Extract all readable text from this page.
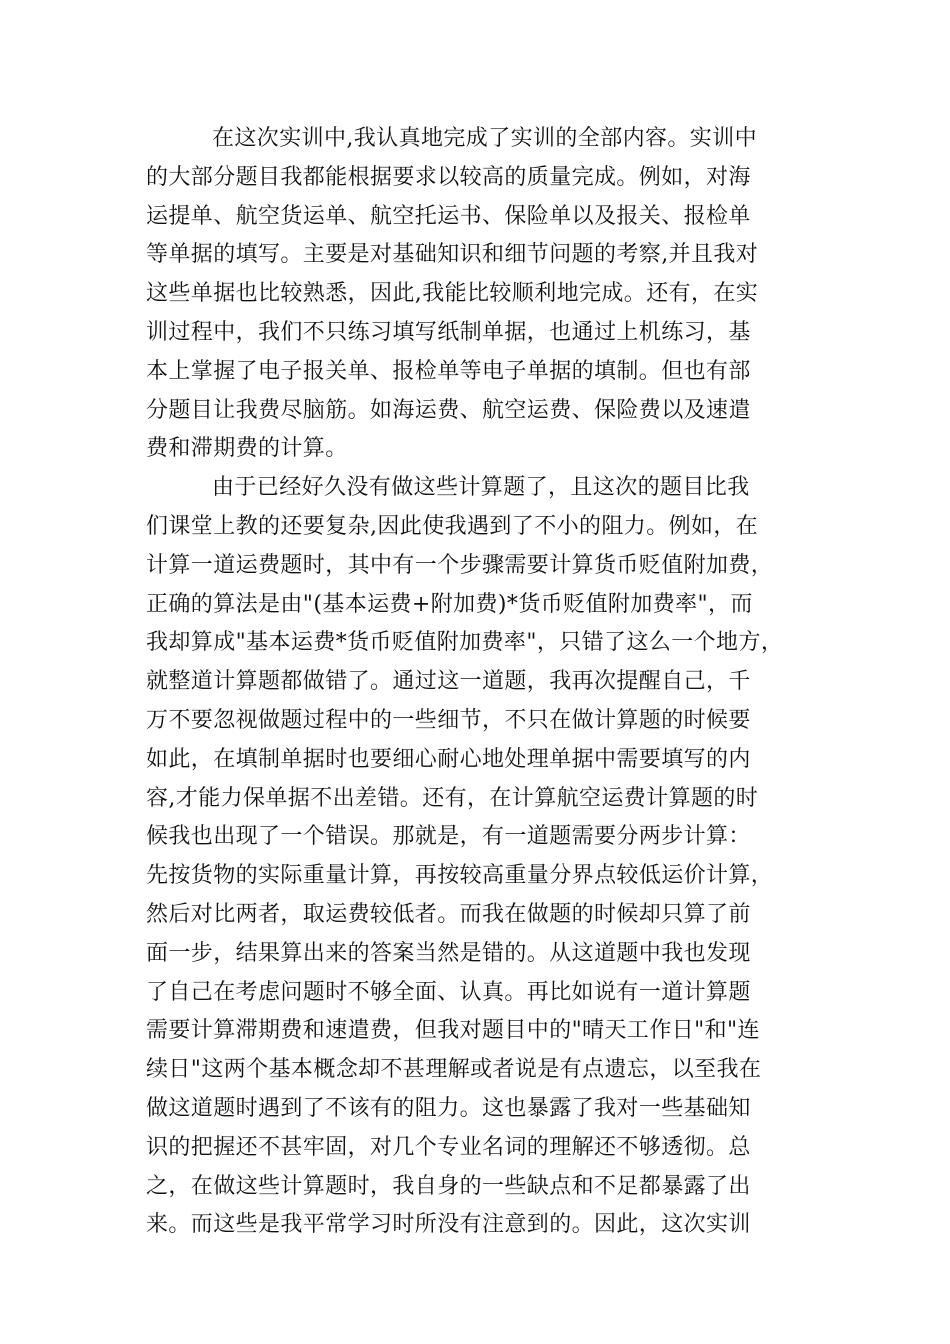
在这次实训中,我认真地完成了实训的全部内容。实训中
的大部分题目我都能根据要求以较高的质量完成。例如，对海
运提单、航空货运单、航空托运书、保险单以及报关、报检单
等单据的填写。主要是对基础知识和细节问题的考察,并且我对
这些单据也比较熟悉，因此,我能比较顺利地完成。还有，在实
训过程中，我们不只练习填写纸制单据，也通过上机练习，基
本上掌握了电子报关单、报检单等电子单据的填制。但也有部
分题目让我费尽脑筋。如海运费、航空运费、保险费以及速遣
费和滞期费的计算。
由于已经好久没有做这些计算题了，且这次的题目比我
们课堂上教的还要复杂,因此使我遇到了不小的阻力。例如，在
计算一道运费题时，其中有一个步骤需要计算货币贬值附加费，
正确的算法是由"(基本运费+附加费)*货币贬值附加费率"，而
我却算成"基本运费*货币贬值附加费率"，只错了这么一个地方，
就整道计算题都做错了。通过这一道题，我再次提醒自己，千
万不要忽视做题过程中的一些细节，不只在做计算题的时候要
如此，在填制单据时也要细心耐心地处理单据中需要填写的内
容,才能力保单据不出差错。还有，在计算航空运费计算题的时
候我也出现了一个错误。那就是，有一道题需要分两步计算：
先按货物的实际重量计算，再按较高重量分界点较低运价计算，
然后对比两者，取运费较低者。而我在做题的时候却只算了前
面一步，结果算出来的答案当然是错的。从这道题中我也发现
了自己在考虑问题时不够全面、认真。再比如说有一道计算题
需要计算滞期费和速遣费，但我对题目中的"晴天工作日"和"连
续日"这两个基本概念却不甚理解或者说是有点遗忘，以至我在
做这道题时遇到了不该有的阻力。这也暴露了我对一些基础知
识的把握还不甚牢固，对几个专业名词的理解还不够透彻。总
之，在做这些计算题时，我自身的一些缺点和不足都暴露了出
来。而这些是我平常学习时所没有注意到的。因此，这次实训
